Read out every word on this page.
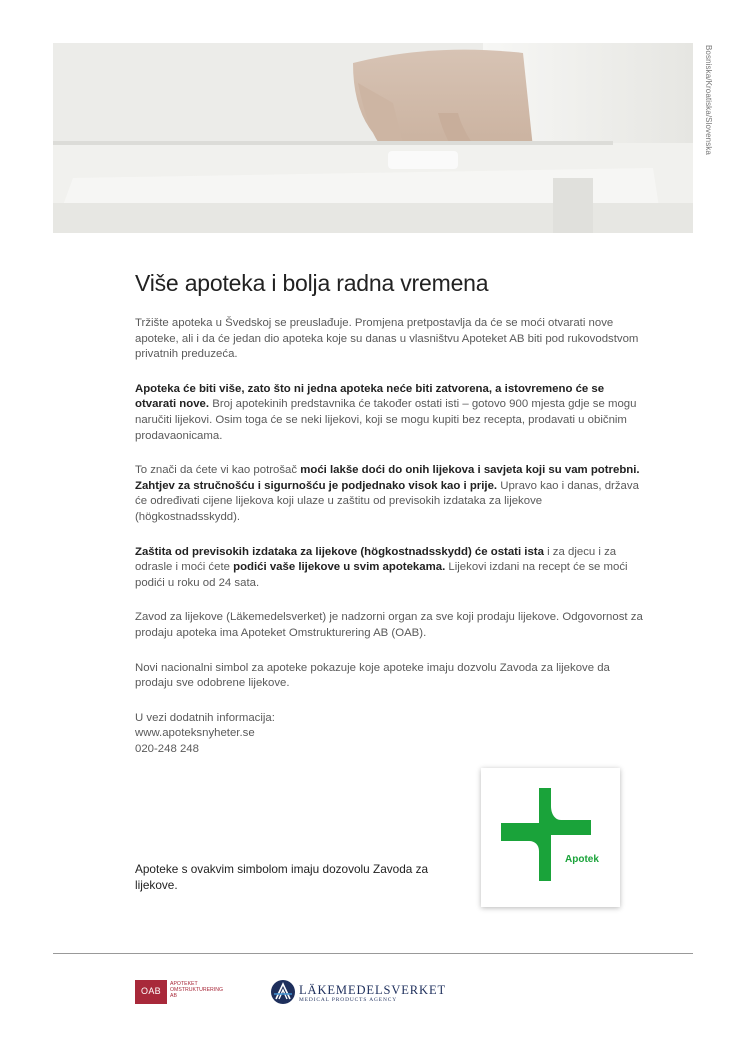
Bosniska/Kroatiska/Slovenska
Više apoteka i bolja radna vremena

Tržište apoteka u Švedskoj se preuslađuje. Promjena pretpostavlja da će se moći otvarati nove apoteke, ali i da će jedan dio apoteka koje su danas u vlasništvu Apoteket AB biti pod rukovodstvom privatnih preduzeća.

Apoteka će biti više, zato što ni jedna apoteka neće biti zatvorena, a istovremeno će se otvarati nove. Broj apotekinih predstavnika će također ostati isti – gotovo 900 mjesta gdje se mogu naručiti lijekovi. Osim toga će se neki lijekovi, koji se mogu kupiti bez recepta, prodavati u običnim prodavaonicama.

To znači da ćete vi kao potrošač moći lakše doći do onih lijekova i savjeta koji su vam potrebni. Zahtjev za stručnošću i sigurnošću je podjednako visok kao i prije. Upravo kao i danas, država će određivati cijene lijekova koji ulaze u zaštitu od previsokih izdataka za lijekove (högkostnadsskydd).

Zaštita od previsokih izdataka za lijekove (högkostnadsskydd) će ostati ista i za djecu i za odrasle i moći ćete podići vaše lijekove u svim apotekama. Lijekovi izdani na recept će se moći podići u roku od 24 sata.

Zavod za lijekove (Läkemedelsverket) je nadzorni organ za sve koji prodaju lijekove. Odgovornost za prodaju apoteka ima Apoteket Omstrukturering AB (OAB).

Novi nacionalni simbol za apoteke pokazuje koje apoteke imaju dozvolu Zavoda za lijekove da prodaju sve odobrene lijekove.

U vezi dodatnih informacija:
www.apoteksnyheter.se
020-248 248

Apotek
Apoteke s ovakvim simbolom imaju dozovolu Zavoda za lijekove.
OAB
APOTEKET
OMSTRUKTURERING
AB	LÄKEMEDELSVERKET
MEDICAL PRODUCTS AGENCY
